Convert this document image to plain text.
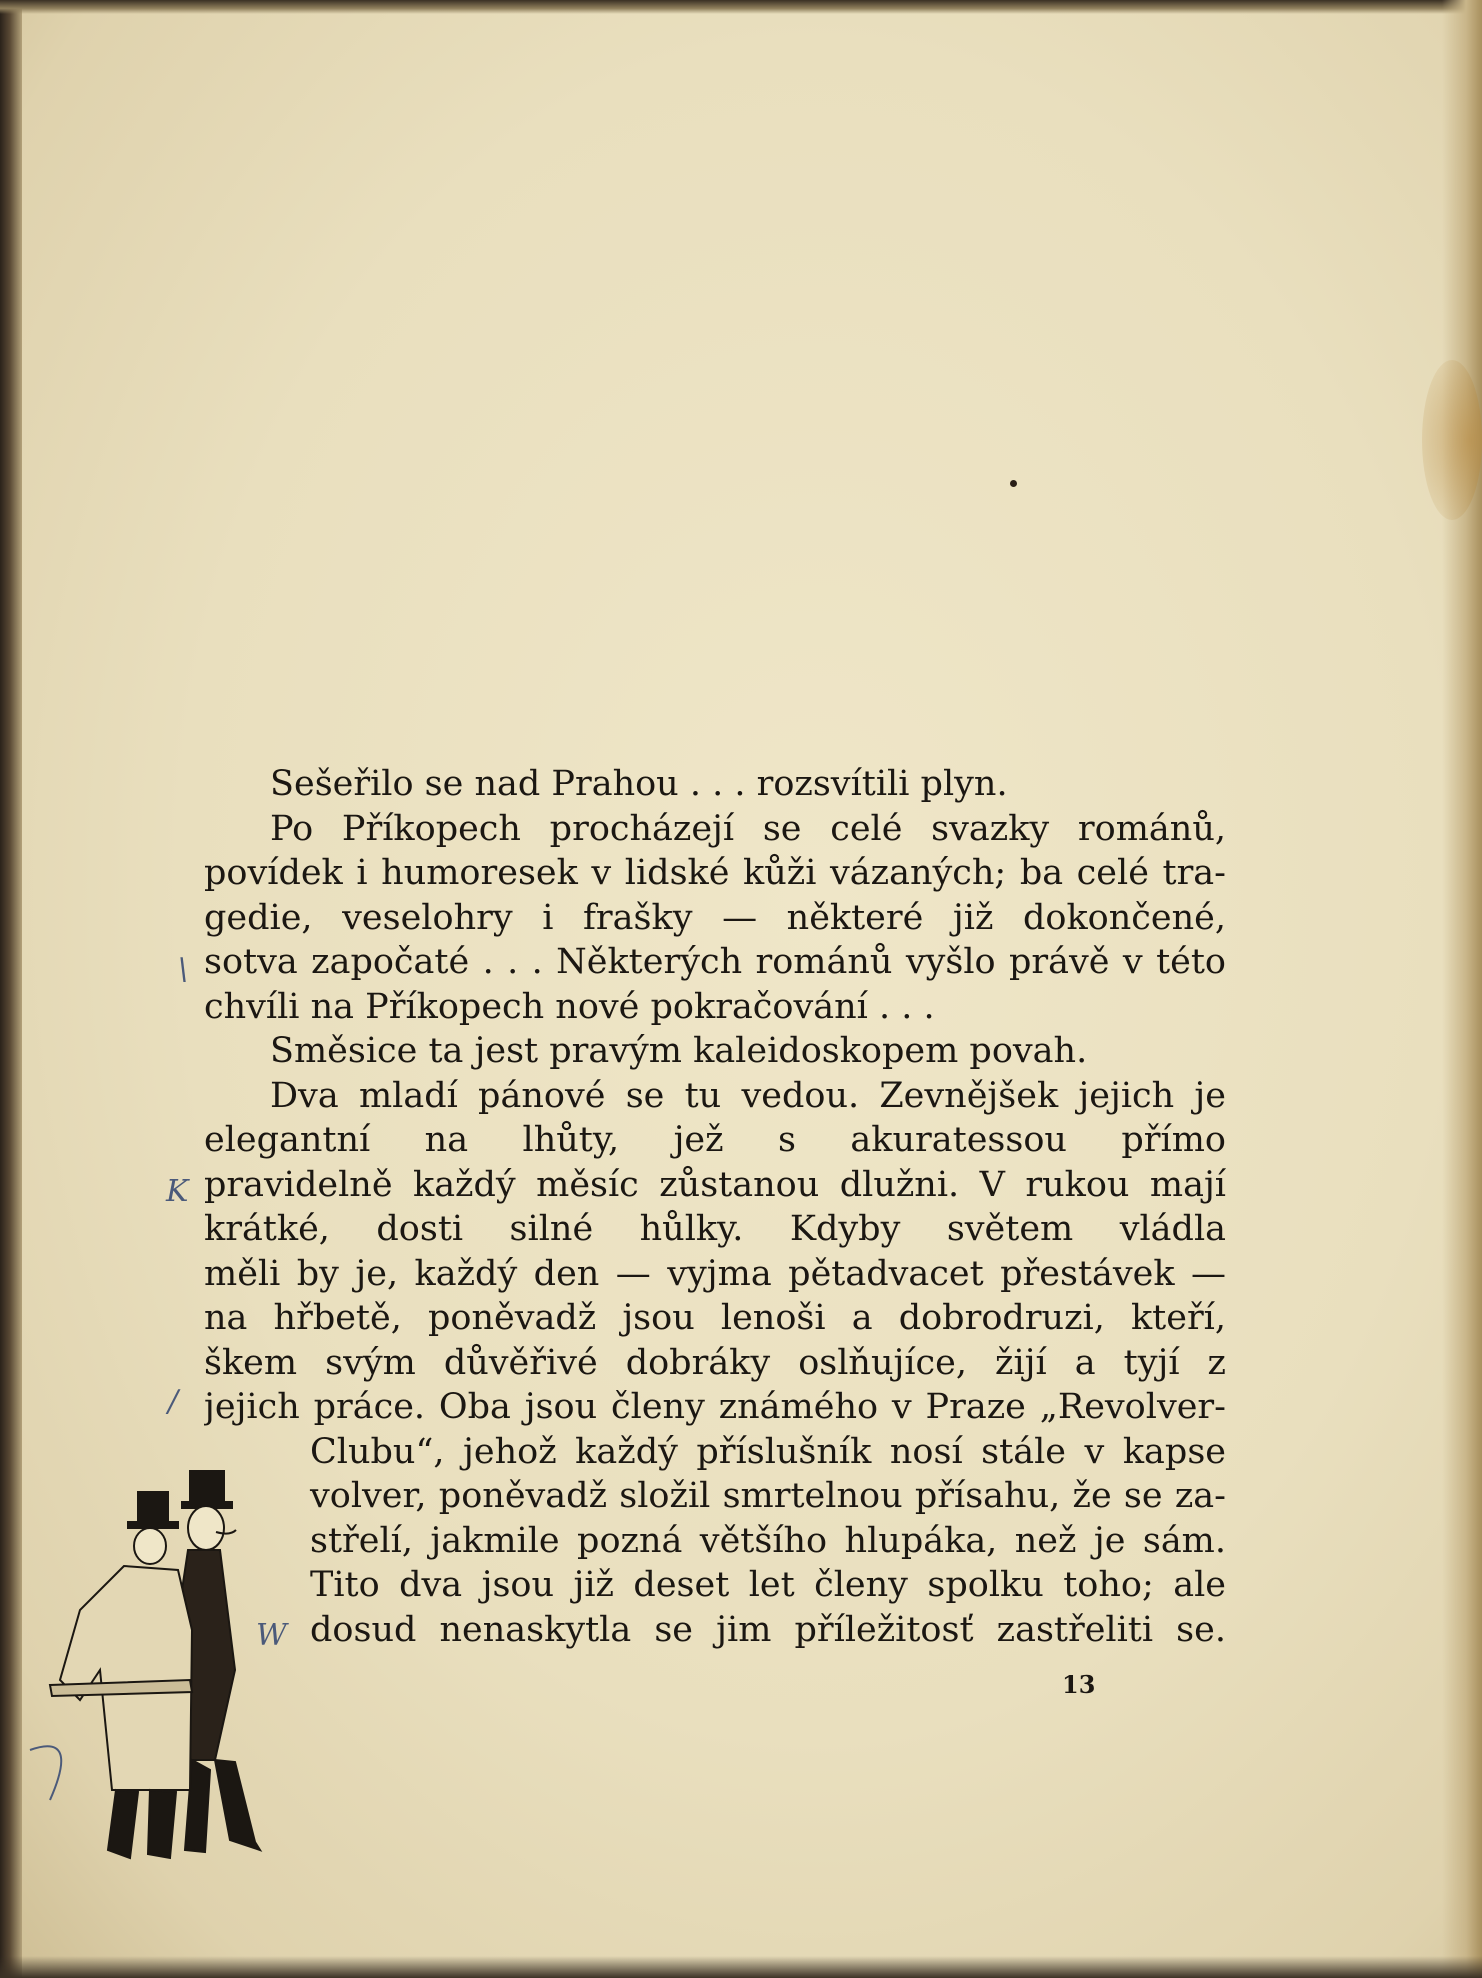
Sešeřilo se nad Prahou . . . rozsvítili plyn.
Po Příkopech procházejí se celé svazky románů,
povídek i humoresek v lidské kůži vázaných; ba celé tra-
gedie, veselohry i frašky — některé již dokončené,
sotva započaté . . . Některých románů vyšlo právě v této
chvíli na Příkopech nové pokračování . . .
Směsice ta jest pravým kaleidoskopem povah.
Dva mladí pánové se tu vedou. Zevnějšek jejich je
elegantní na lhůty, jež s akuratessou přímo
pravidelně každý měsíc zůstanou dlužni. V rukou mají
krátké, dosti silné hůlky. Kdyby světem vládla
měli by je, každý den — vyjma pětadvacet přestávek —
na hřbetě, poněvadž jsou lenoši a dobrodruzi, kteří,
škem svým důvěřivé dobráky oslňujíce, žijí a tyjí z
jejich práce. Oba jsou členy známého v Praze „Revolver-
Clubu“, jehož každý příslušník nosí stále v kapse
volver, poněvadž složil smrtelnou přísahu, že se za-
střelí, jakmile pozná většího hlupáka, než je sám.
Tito dva jsou již deset let členy spolku toho; ale
dosud nenaskytla se jim příležitosť zastřeliti se.
13
\
K
/
W
